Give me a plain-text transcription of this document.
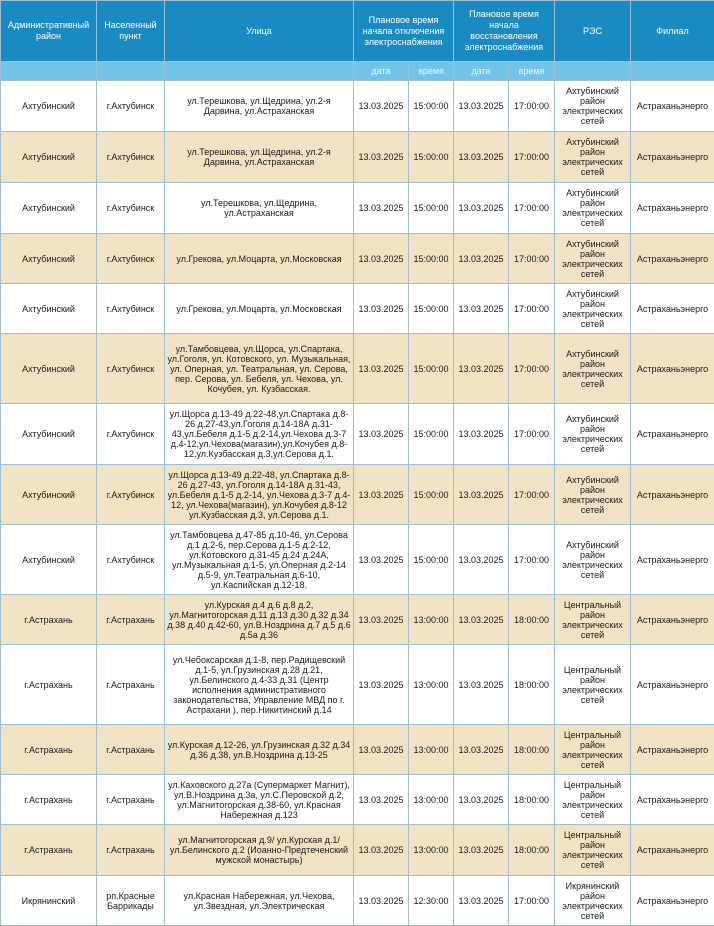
Административный район	Населенный пункт	Улица	Плановое время начала отключения электроснабжения		Плановое время начала восстановления электроснабжения		РЭС	Филиал
			дата	время	дата	время		
Ахтубинский	г.Ахтубинск	ул.Терешкова, ул.Щедрина, ул.2-я Дарвина, ул.Астраханская	13.03.2025	15:00:00	13.03.2025	17:00:00	Ахтубинский район электрических сетей	Астраханьэнерго
Ахтубинский	г.Ахтубинск	ул.Терешкова, ул.Щедрина, ул.2-я Дарвина, ул.Астраханская	13.03.2025	15:00:00	13.03.2025	17:00:00	Ахтубинский район электрических сетей	Астраханьэнерго
Ахтубинский	г.Ахтубинск	ул.Терешкова, ул.Щедрина, ул.Астраханская	13.03.2025	15:00:00	13.03.2025	17:00:00	Ахтубинский район электрических сетей	Астраханьэнерго
Ахтубинский	г.Ахтубинск	ул.Грекова, ул.Моцарта, ул.Московская	13.03.2025	15:00:00	13.03.2025	17:00:00	Ахтубинский район электрических сетей	Астраханьэнерго
Ахтубинский	г.Ахтубинск	ул.Грекова, ул.Моцарта, ул.Московская	13.03.2025	15:00:00	13.03.2025	17:00:00	Ахтубинский район электрических сетей	Астраханьэнерго
Ахтубинский	г.Ахтубинск	ул.Тамбовцева, ул.Щорса, ул.Спартака, ул.Гоголя, ул. Котовского, ул. Музыкальная, ул. Оперная, ул. Театральная, ул. Серова, пер. Серова, ул. Бебеля, ул. Чехова, ул. Кочубея, ул. Кузбасская.	13.03.2025	15:00:00	13.03.2025	17:00:00	Ахтубинский район электрических сетей	Астраханьэнерго
Ахтубинский	г.Ахтубинск	ул.Щорса д.13-49 д.22-48,ул.Спартака д.8-26 д.27-43,ул.Гоголя д.14-18А д.31-43,ул.Бебеля д.1-5 д.2-14,ул.Чехова д.3-7 д.4-12,ул.Чехова(магазин),ул.Кочубея д.8-12,ул.Кузбасская д.3,ул.Серова д.1.	13.03.2025	15:00:00	13.03.2025	17:00:00	Ахтубинский район электрических сетей	Астраханьэнерго
Ахтубинский	г.Ахтубинск	ул.Щорса д.13-49 д.22-48, ул.Спартака д.8-26 д.27-43, ул.Гоголя д.14-18А д.31-43, ул.Бебеля д.1-5 д.2-14, ул.Чехова д.3-7 д.4-12, ул.Чехова(магазин), ул.Кочубея д.8-12 ул.Кузбасская д.3, ул.Серова д.1.	13.03.2025	15:00:00	13.03.2025	17:00:00	Ахтубинский район электрических сетей	Астраханьэнерго
Ахтубинский	г.Ахтубинск	ул.Тамбовцева д.47-85 д.10-46, ул.Серова д.1 д.2-6, пер.Серова д.1-5 д.2-12, ул.Котовского д.31-45 д.24 д.24А, ул.Музыкальная д.1-5, ул.Оперная д.2-14 д.5-9, ул.Театральная д.6-10, ул.Каспийская д.12-18.	13.03.2025	15:00:00	13.03.2025	17:00:00	Ахтубинский район электрических сетей	Астраханьэнерго
г.Астрахань	г.Астрахань	ул.Курская д.4 д.6 д.8 д.2, ул.Магнитогорская д.11 д.13 д.30 д.32 д.34 д.38 д.40 д.42-60, ул.В.Ноздрина д.7 д.5 д.6 д.5а д.36	13.03.2025	13:00:00	13.03.2025	18:00:00	Центральный район электрических сетей	Астраханьэнерго
г.Астрахань	г.Астрахань	ул.Чебоксарская д.1-8, пер.Радищевский д.1-5, ул.Грузинская д.28 д.21, ул.Белинского д.4-33 д.31 (Центр исполнения административного законодательства, Управление МВД по г. Астрахани ), пер.Никитинский д.14	13.03.2025	13:00:00	13.03.2025	18:00:00	Центральный район электрических сетей	Астраханьэнерго
г.Астрахань	г.Астрахань	ул.Курская д.12-26, ул.Грузинская д.32 д.34 д.36 д.38, ул.В.Ноздрина д.13-25	13.03.2025	13:00:00	13.03.2025	18:00:00	Центральный район электрических сетей	Астраханьэнерго
г.Астрахань	г.Астрахань	ул.Каховского д.27а (Супермаркет Магнит), ул.В.Ноздрина д.3а, ул.С.Перовской д.2, ул.Магнитогорская д.38-60, ул.Красная Набережная д.123	13.03.2025	13:00:00	13.03.2025	18:00:00	Центральный район электрических сетей	Астраханьэнерго
г.Астрахань	г.Астрахань	ул.Магнитогорская д.9/ ул.Курская д.1/ ул.Белинского д.2 (Иоанно-Предтеченский мужской монастырь)	13.03.2025	13:00:00	13.03.2025	18:00:00	Центральный район электрических сетей	Астраханьэнерго
Икрянинский	рп.Красные Баррикады	ул.Красная Набережная, ул.Чехова, ул.Звездная, ул.Электрическая	13.03.2025	12:30:00	13.03.2025	17:00:00	Икрянинский район электрических сетей	Астраханьэнерго
